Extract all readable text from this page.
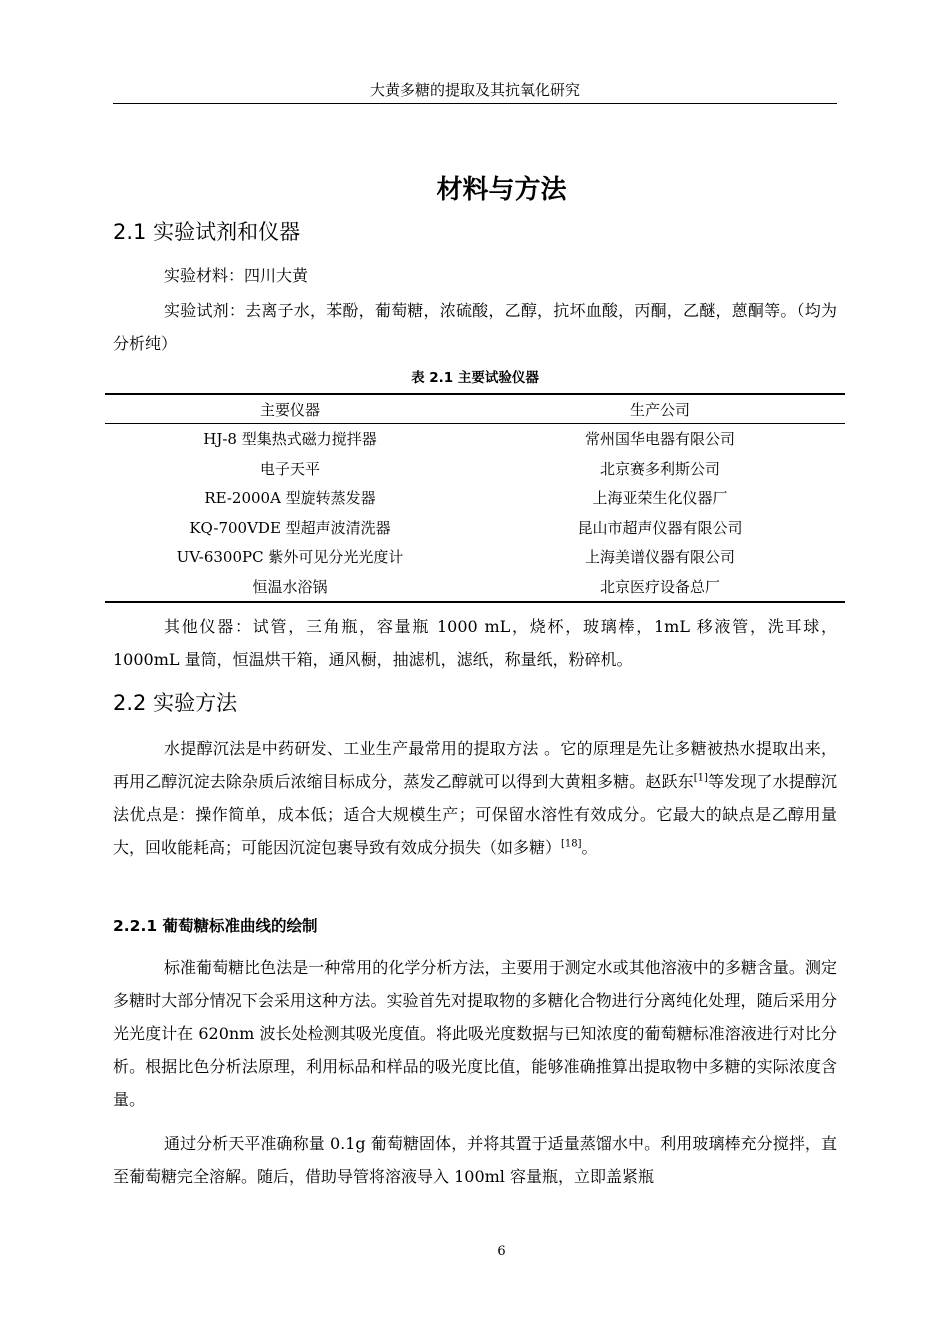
大黄多糖的提取及其抗氧化研究
材料与方法
2.1 实验试剂和仪器

实验材料：四川大黄

实验试剂：去离子水，苯酚，葡萄糖，浓硫酸，乙醇，抗坏血酸，丙酮，乙醚，蒽酮等。（均为分析纯）

表 2.1 主要试验仪器
主要仪器	生产公司
HJ-8 型集热式磁力搅拌器	常州国华电器有限公司
电子天平	北京赛多利斯公司
RE-2000A 型旋转蒸发器	上海亚荣生化仪器厂
KQ-700VDE 型超声波清洗器	昆山市超声仪器有限公司
UV-6300PC 紫外可见分光光度计	上海美谱仪器有限公司
恒温水浴锅	北京医疗设备总厂

其他仪器：试管，三角瓶，容量瓶 1000 mL，烧杯，玻璃棒，1mL 移液管，洗耳球，1000mL 量筒，恒温烘干箱，通风橱，抽滤机，滤纸，称量纸，粉碎机。

2.2 实验方法

水提醇沉法是中药研发、工业生产最常用的提取方法 。它的原理是先让多糖被热水提取出来，再用乙醇沉淀去除杂质后浓缩目标成分，蒸发乙醇就可以得到大黄粗多糖。赵跃东[1]等发现了水提醇沉法优点是：操作简单，成本低；适合大规模生产；可保留水溶性有效成分。它最大的缺点是乙醇用量大，回收能耗高；可能因沉淀包裹导致有效成分损失（如多糖）[18]。

2.2.1 葡萄糖标准曲线的绘制

标准葡萄糖比色法是一种常用的化学分析方法，主要用于测定水或其他溶液中的多糖含量。测定多糖时大部分情况下会采用这种方法。实验首先对提取物的多糖化合物进行分离纯化处理，随后采用分光光度计在 620nm 波长处检测其吸光度值。将此吸光度数据与已知浓度的葡萄糖标准溶液进行对比分析。根据比色分析法原理，利用标品和样品的吸光度比值，能够准确推算出提取物中多糖的实际浓度含量。

通过分析天平准确称量 0.1g 葡萄糖固体，并将其置于适量蒸馏水中。利用玻璃棒充分搅拌，直至葡萄糖完全溶解。随后，借助导管将溶液导入 100ml 容量瓶，立即盖紧瓶

6
